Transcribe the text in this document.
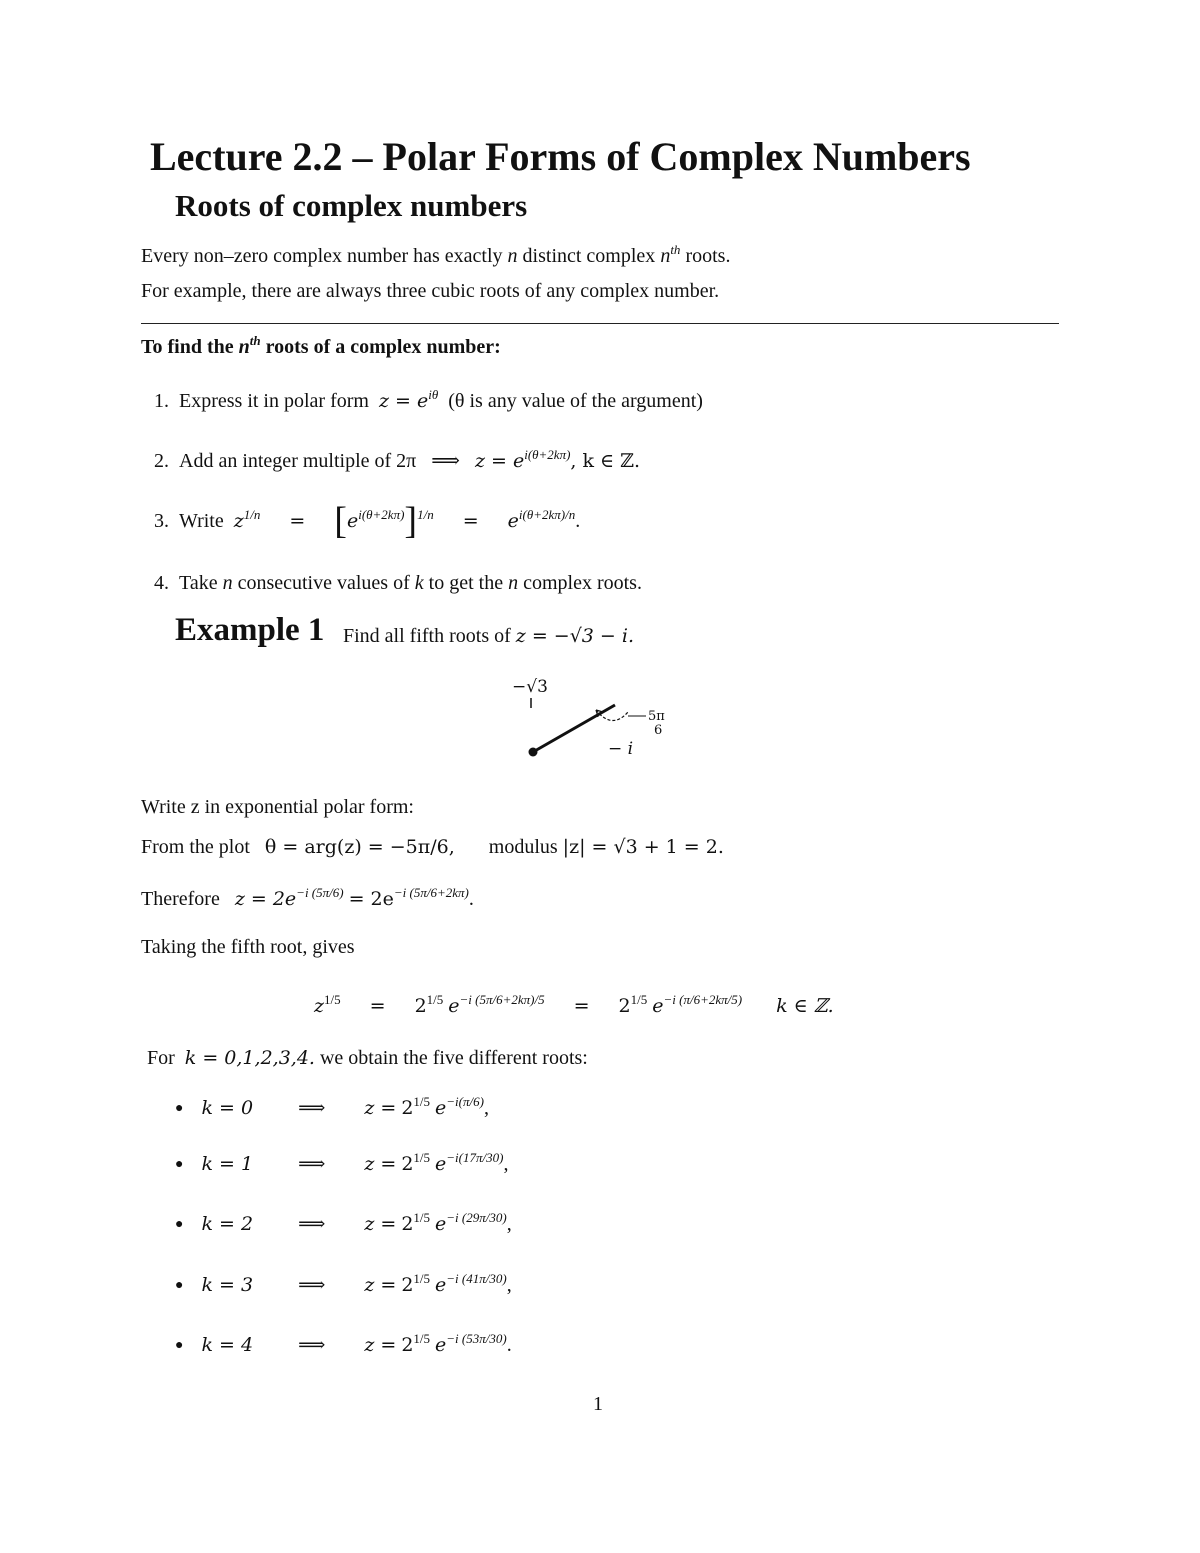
Lecture 2.2 – Polar Forms of Complex Numbers
Roots of complex numbers
Every non–zero complex number has exactly n distinct complex $n^{th}$ roots.
For example, there are always three cubic roots of any complex number.
To find the $n^{th}$ roots of a complex number:
1. Express it in polar form $z = e^{i\theta}$ (θ is any value of the argument)
2. Add an integer multiple of 2π ⟹ $z = e^{i(\theta+2k\pi)}$, k ∈ ℤ.
3. Write $z^{1/n} = [e^{i(\theta+2k\pi)}]^{1/n} = e^{i(\theta+2k\pi)/n}$.
4. Take n consecutive values of k to get the n complex roots.
Example 1 Find all fifth roots of z = −√3 − i.
−√3
5π
6
− i
Write z in exponential polar form:
From the plot θ = arg(z) = −5π/6, modulus |z| = √3 + 1 = 2.
Therefore $z = 2e^{-i (5\pi/6)} = 2e^{-i (5\pi/6+2k\pi)}$.
Taking the fifth root, gives
$z^{1/5} = 2^{1/5}$ $e^{-i (5\pi/6+2k\pi)/5} = 2^{1/5}$ $e^{-i (\pi/6+2k\pi/5)}$ k ∈ ℤ.
For k = 0,1,2,3,4. we obtain the five different roots:
● k = 0 ⟹ $z = 2^{1/5}$ $e^{-i(\pi/6)}$,
● k = 1 ⟹ $z = 2^{1/5}$ $e^{-i(17\pi/30)}$,
● k = 2 ⟹ $z = 2^{1/5}$ $e^{-i (29\pi/30)}$,
● k = 3 ⟹ $z = 2^{1/5}$ $e^{-i (41\pi/30)}$,
● k = 4 ⟹ $z = 2^{1/5}$ $e^{-i (53\pi/30)}$.
1
